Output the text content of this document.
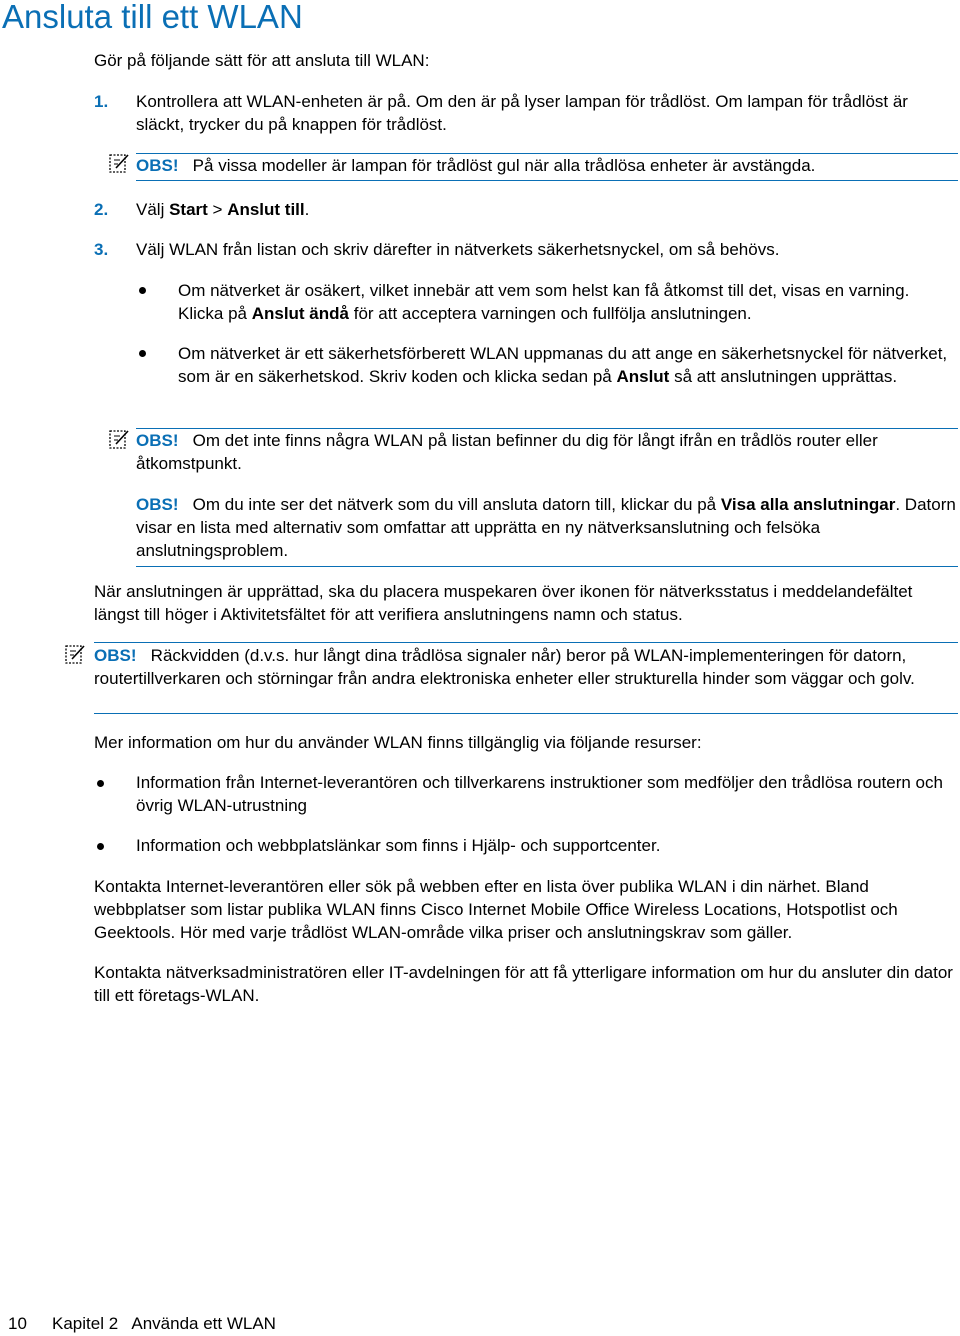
Ansluta till ett WLAN

Gör på följande sätt för att ansluta till WLAN:

1. Kontrollera att WLAN-enheten är på. Om den är på lyser lampan för trådlöst. Om lampan för trådlöst är släckt, trycker du på knappen för trådlöst.

OBS! På vissa modeller är lampan för trådlöst gul när alla trådlösa enheter är avstängda.

2. Välj Start > Anslut till.

3. Välj WLAN från listan och skriv därefter in nätverkets säkerhetsnyckel, om så behövs.

Om nätverket är osäkert, vilket innebär att vem som helst kan få åtkomst till det, visas en varning. Klicka på Anslut ändå för att acceptera varningen och fullfölja anslutningen.

Om nätverket är ett säkerhetsförberett WLAN uppmanas du att ange en säkerhetsnyckel för nätverket, som är en säkerhetskod. Skriv koden och klicka sedan på Anslut så att anslutningen upprättas.

OBS! Om det inte finns några WLAN på listan befinner du dig för långt ifrån en trådlös router eller åtkomstpunkt.

OBS! Om du inte ser det nätverk som du vill ansluta datorn till, klickar du på Visa alla anslutningar. Datorn visar en lista med alternativ som omfattar att upprätta en ny nätverksanslutning och felsöka anslutningsproblem.

När anslutningen är upprättad, ska du placera muspekaren över ikonen för nätverksstatus i meddelandefältet längst till höger i Aktivitetsfältet för att verifiera anslutningens namn och status.

OBS! Räckvidden (d.v.s. hur långt dina trådlösa signaler når) beror på WLAN-implementeringen för datorn, routertillverkaren och störningar från andra elektroniska enheter eller strukturella hinder som väggar och golv.

Mer information om hur du använder WLAN finns tillgänglig via följande resurser:

Information från Internet-leverantören och tillverkarens instruktioner som medföljer den trådlösa routern och övrig WLAN-utrustning

Information och webbplatslänkar som finns i Hjälp- och supportcenter.

Kontakta Internet-leverantören eller sök på webben efter en lista över publika WLAN i din närhet. Bland webbplatser som listar publika WLAN finns Cisco Internet Mobile Office Wireless Locations, Hotspotlist och Geektools. Hör med varje trådlöst WLAN-område vilka priser och anslutningskrav som gäller.

Kontakta nätverksadministratören eller IT-avdelningen för att få ytterligare information om hur du ansluter din dator till ett företags-WLAN.

10 Kapitel 2   Använda ett WLAN
